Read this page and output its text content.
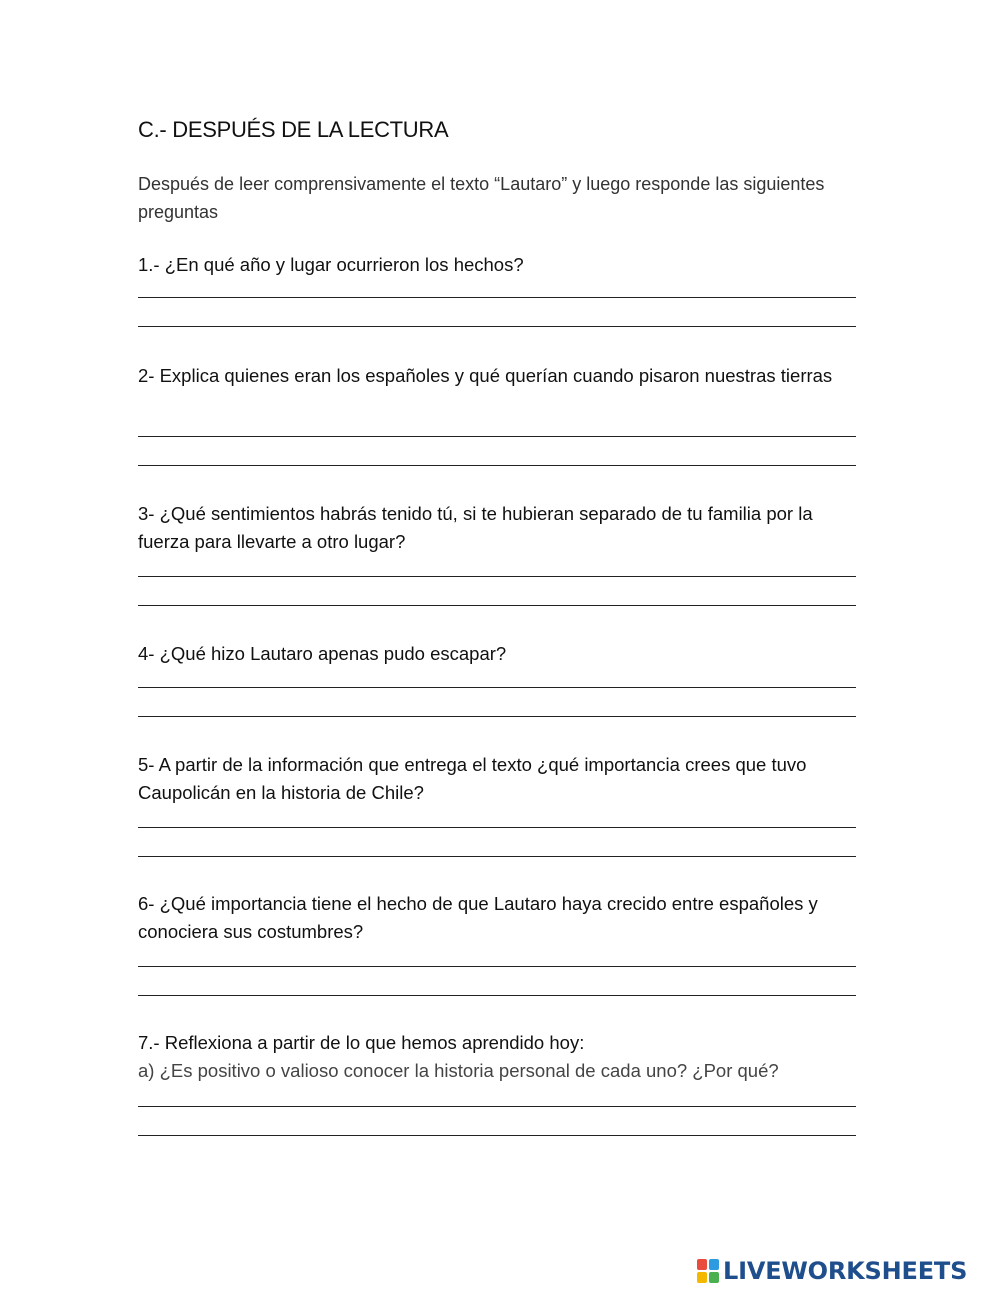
C.- DESPUÉS DE LA LECTURA
Después de leer comprensivamente el texto “Lautaro” y luego responde las siguientes preguntas
1.- ¿En qué año y lugar ocurrieron los hechos?
2- Explica quienes eran los españoles y qué querían cuando pisaron nuestras tierras
3- ¿Qué sentimientos habrás tenido tú, si te hubieran separado de tu familia por la fuerza para llevarte a otro lugar?
4- ¿Qué hizo Lautaro apenas pudo escapar?
5- A partir de la información que entrega el texto ¿qué importancia crees que tuvo Caupolicán en la historia de Chile?
6- ¿Qué importancia tiene el hecho de que Lautaro haya crecido entre españoles y conociera sus costumbres?
7.- Reflexiona a partir de lo que hemos aprendido hoy:
a) ¿Es positivo o valioso conocer la historia personal de cada uno? ¿Por qué?
LIVEWORKSHEETS
